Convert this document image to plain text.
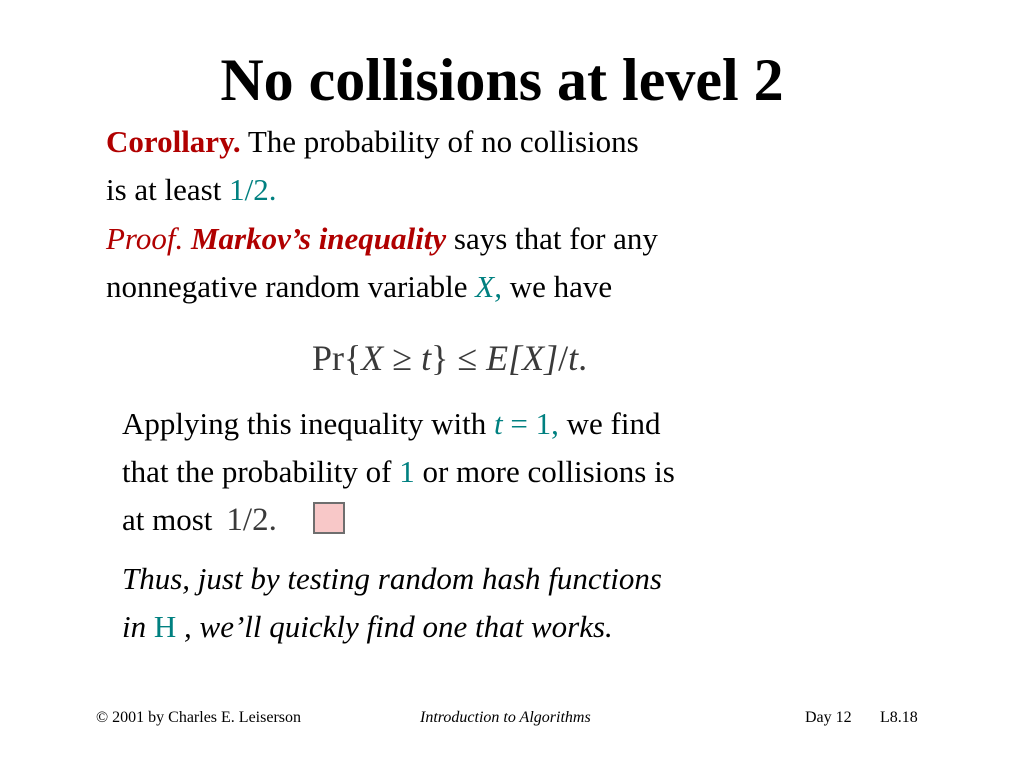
No collisions at level 2
Corollary. The probability of no collisions
is at least 1/2.
Proof. Markov’s inequality says that for any
nonnegative random variable X, we have
Pr{X ≥ t} ≤ E[X]/t.
Applying this inequality with t = 1, we find
that the probability of 1 or more collisions is
at most 1/2.
Thus, just by testing random hash functions
in H , we’ll quickly find one that works.
© 2001 by Charles E. Leiserson	Introduction to Algorithms	Day 12 L8.18
